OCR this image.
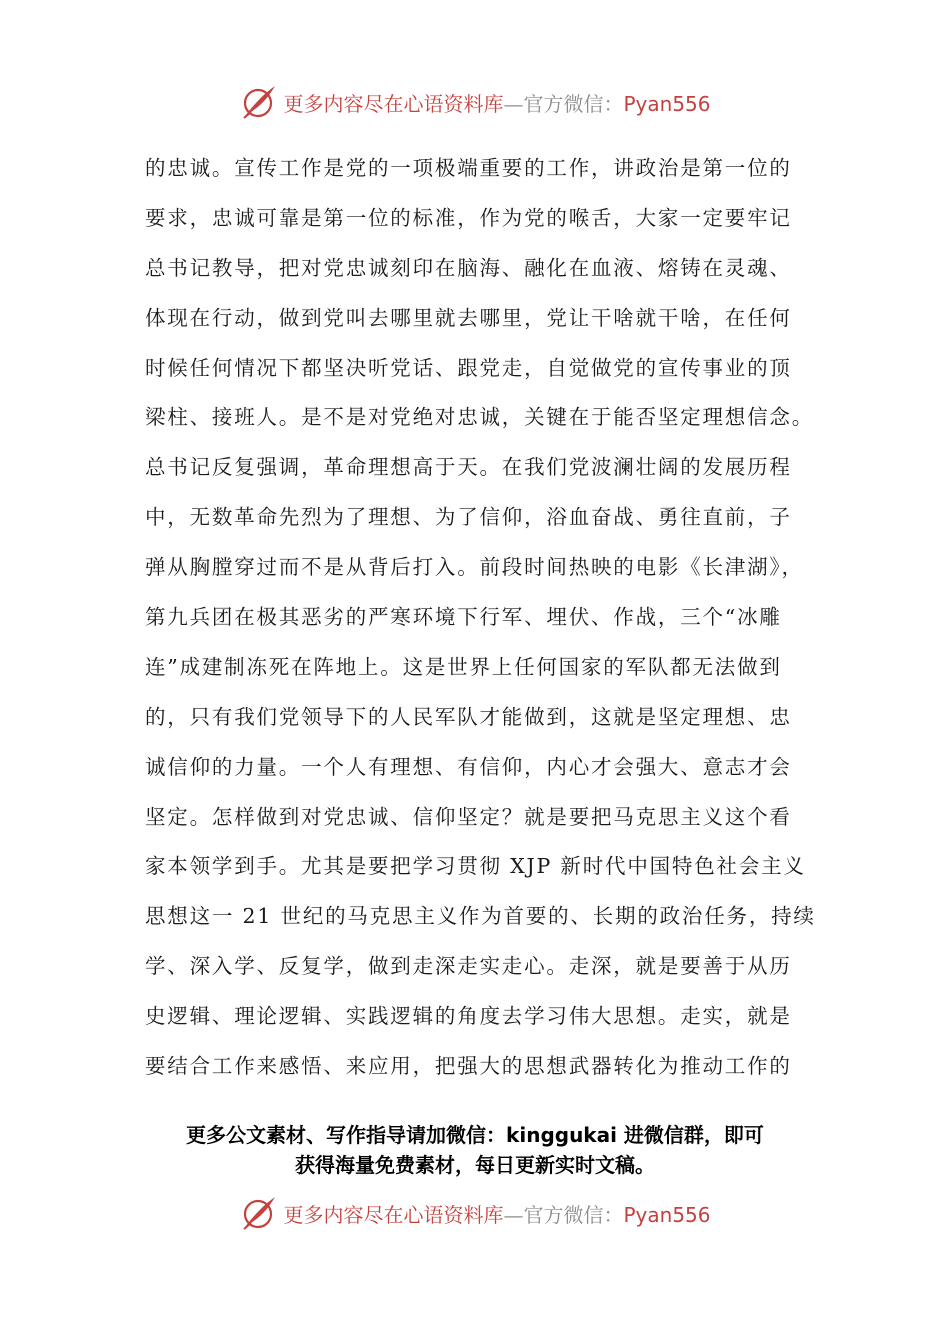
更多内容尽在心语资料库—官方微信：Pyan556
的忠诚。宣传工作是党的一项极端重要的工作，讲政治是第一位的
要求，忠诚可靠是第一位的标准，作为党的喉舌，大家一定要牢记
总书记教导，把对党忠诚刻印在脑海、融化在血液、熔铸在灵魂、
体现在行动，做到党叫去哪里就去哪里，党让干啥就干啥，在任何
时候任何情况下都坚决听党话、跟党走，自觉做党的宣传事业的顶
梁柱、接班人。是不是对党绝对忠诚，关键在于能否坚定理想信念。
总书记反复强调，革命理想高于天。在我们党波澜壮阔的发展历程
中，无数革命先烈为了理想、为了信仰，浴血奋战、勇往直前，子
弹从胸膛穿过而不是从背后打入。前段时间热映的电影《长津湖》，
第九兵团在极其恶劣的严寒环境下行军、埋伏、作战，三个“冰雕
连”成建制冻死在阵地上。这是世界上任何国家的军队都无法做到
的，只有我们党领导下的人民军队才能做到，这就是坚定理想、忠
诚信仰的力量。一个人有理想、有信仰，内心才会强大、意志才会
坚定。怎样做到对党忠诚、信仰坚定？就是要把马克思主义这个看
家本领学到手。尤其是要把学习贯彻 XJP 新时代中国特色社会主义
思想这一 21 世纪的马克思主义作为首要的、长期的政治任务，持续
学、深入学、反复学，做到走深走实走心。走深，就是要善于从历
史逻辑、理论逻辑、实践逻辑的角度去学习伟大思想。走实，就是
要结合工作来感悟、来应用，把强大的思想武器转化为推动工作的
更多公文素材、写作指导请加微信：kinggukai 进微信群，即可
获得海量免费素材，每日更新实时文稿。
更多内容尽在心语资料库—官方微信：Pyan556
